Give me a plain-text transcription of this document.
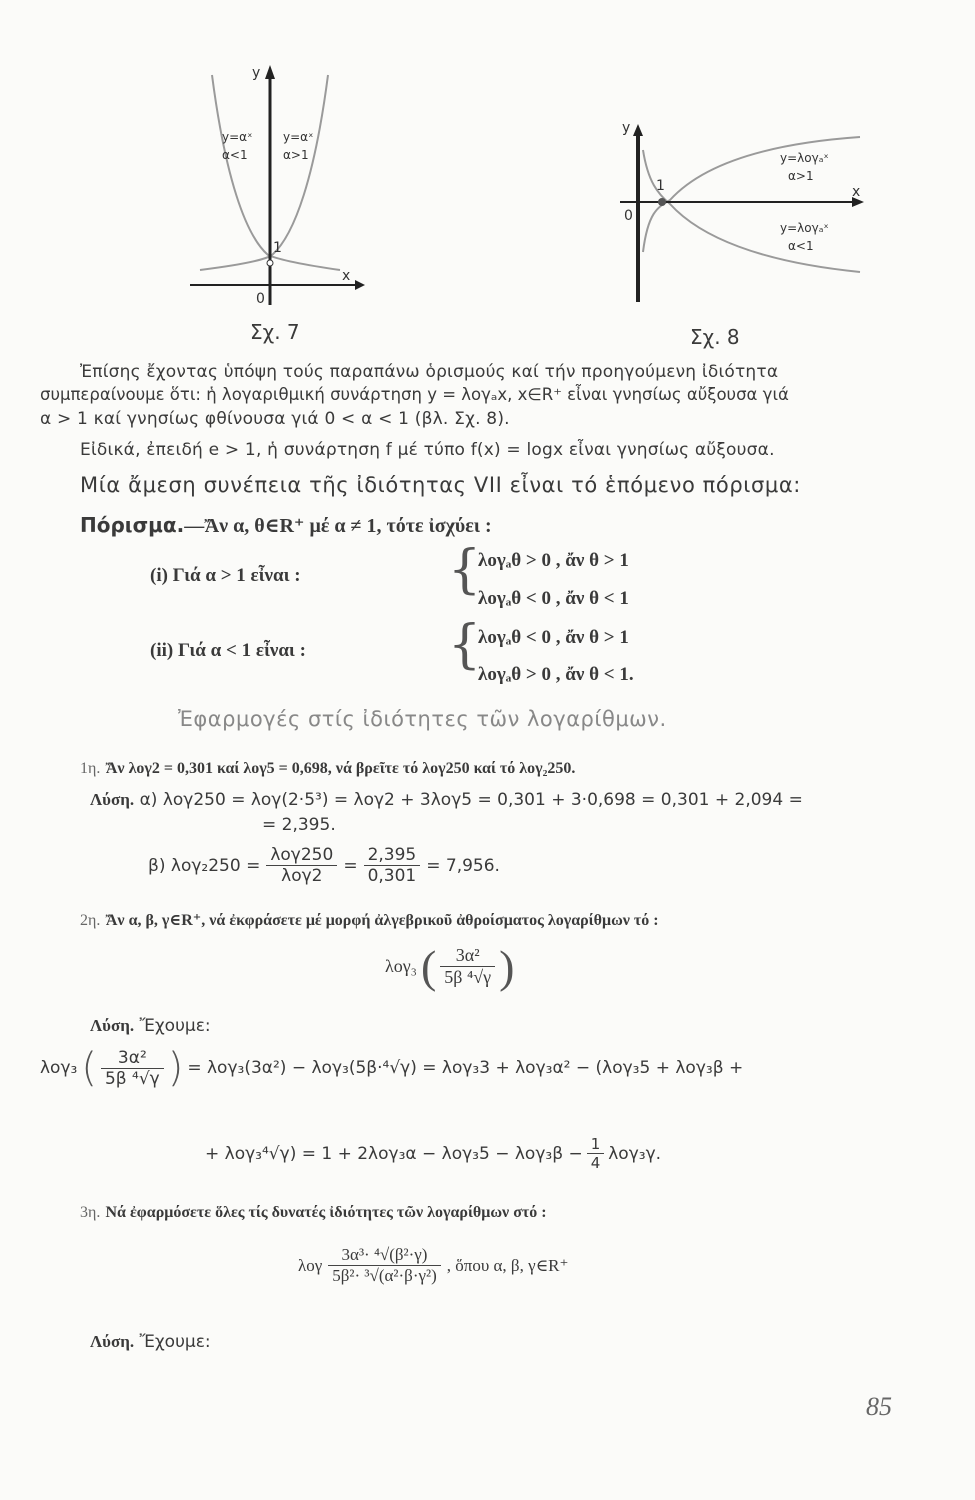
y
x
0
1
y=αˣ
α<1
y=αˣ
α>1
Σχ. 7
y
x
0
1
y=λογₐˣ
α>1
y=λογₐˣ
α<1
Σχ. 8
Ἐπίσης ἔχοντας ὑπόψη τούς παραπάνω ὁρισμούς καί τήν προηγούμενη ἰδιότητα
συμπεραίνουμε ὅτι: ἡ λογαριθμική συνάρτηση y = λογₐx, x∈R⁺ εἶναι γνησίως αὔξουσα γιά
α > 1 καί γνησίως φθίνουσα γιά 0 < α < 1 (βλ. Σχ. 8).
Εἰδικά, ἐπειδή e > 1, ἡ συνάρτηση f μέ τύπο f(x) = logx εἶναι γνησίως αὔξουσα.
Μία ἄμεση συνέπεια τῆς ἰδιότητας VII εἶναι τό ἑπόμενο πόρισμα:
Πόρισμα.—Ἄν α, θ∈R⁺ μέ α ≠ 1, τότε ἰσχύει :
(i) Γιά α > 1 εἶναι :	{
λογₐθ > 0 , ἄν θ > 1
λογₐθ < 0 , ἄν θ < 1
(ii) Γιά α < 1 εἶναι :	{
λογₐθ < 0 , ἄν θ > 1
λογₐθ > 0 , ἄν θ < 1.
Ἐφαρμογές στίς ἰδιότητες τῶν λογαρίθμων.
1η. Ἄν λογ2 = 0,301 καί λογ5 = 0,698, νά βρεῖτε τό λογ250 καί τό λογ₂250.
Λύση. α) λογ250 = λογ(2·5³) = λογ2 + 3λογ5 = 0,301 + 3·0,698 = 0,301 + 2,094 =
= 2,395.
β) $\lambda o\gamma_2250 = \frac{\text{λογ250}}{\text{λογ2}} = \frac{2,395}{0,301} = 7,956$.
2η. Ἄν α, β, γ∈R⁺, νά ἐκφράσετε μέ μορφή ἀλγεβρικοῦ ἀθροίσματος λογαρίθμων τό :
λογ₃ ( $\frac{\text{3α²}}{\text{5β ⁴√γ}}$ )
Λύση. Ἔχουμε:
λογ₃ ( $\frac{\text{3α²}}{\text{5β ⁴√γ}}$ ) = λογ₃(3α²) − λογ₃(5β·⁴√γ) = λογ₃3 + λογ₃α² − (λογ₃5 + λογ₃β +
+ $\lambda o\gamma_3^4√\gamma) = 1 + 2\lambda o\gamma_3\alpha - \lambda o\gamma_35 - \lambda o\gamma_3\beta - \frac{1}{4} \lambda o\gamma_3\gamma$.
3η. Νά ἐφαρμόσετε ὅλες τίς δυνατές ἰδιότητες τῶν λογαρίθμων στό :
λογ $\frac{\text{3α³· ⁴√(β²·γ)}}{\text{5β²· ³√(α²·β·γ²)}}$ , ὅπου α, β, γ∈R⁺
Λύση. Ἔχουμε:
85
